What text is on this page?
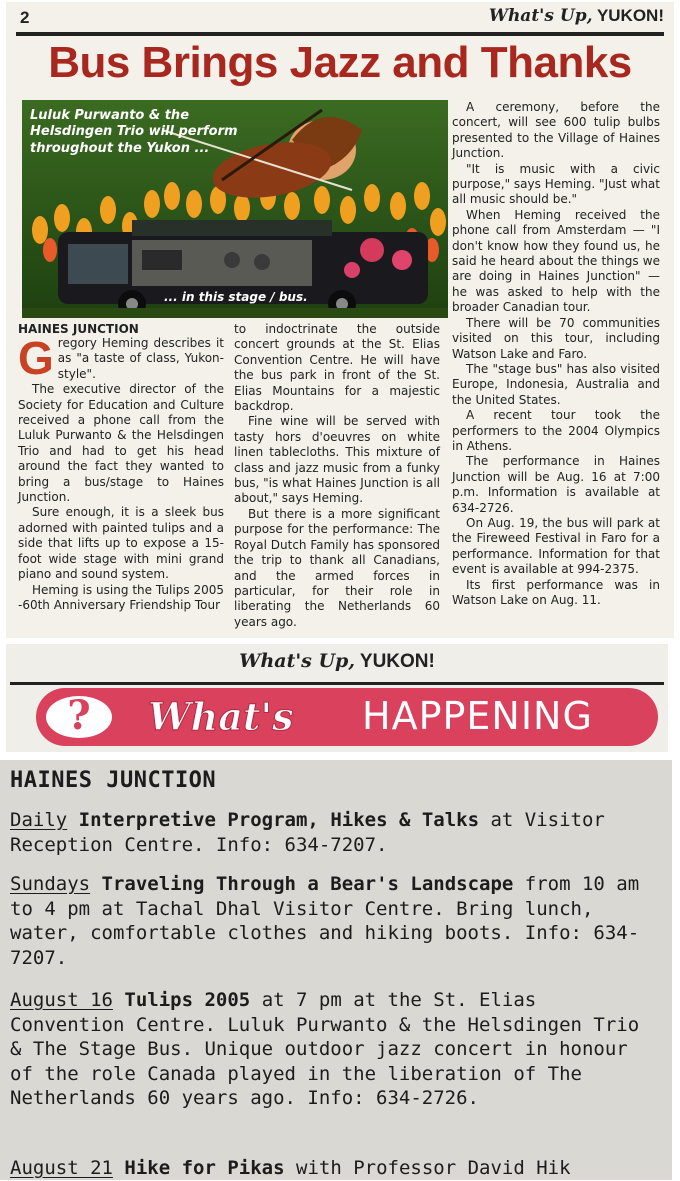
2	What's Up, YUKON!
Bus Brings Jazz and Thanks
Luluk Purwanto & the Helsdingen Trio will perform throughout the Yukon ...
... in this stage / bus.

HAINES JUNCTION

Gregory Heming describes it as "a taste of class, Yukon-style".

The executive director of the Society for Education and Culture received a phone call from the Luluk Purwanto & the Helsdingen Trio and had to get his head around the fact they wanted to bring a bus/stage to Haines Junction.

Sure enough, it is a sleek bus adorned with painted tulips and a side that lifts up to expose a 15-foot wide stage with mini grand piano and sound system.

Heming is using the Tulips 2005 -60th Anniversary Friendship Tour

to indoctrinate the outside concert grounds at the St. Elias Convention Centre. He will have the bus park in front of the St. Elias Mountains for a majestic backdrop.

Fine wine will be served with tasty hors d'oeuvres on white linen tablecloths. This mixture of class and jazz music from a funky bus, "is what Haines Junction is all about," says Heming.

But there is a more significant purpose for the performance: The Royal Dutch Family has sponsored the trip to thank all Canadians, and the armed forces in particular, for their role in liberating the Netherlands 60 years ago.

A ceremony, before the concert, will see 600 tulip bulbs presented to the Village of Haines Junction.

"It is music with a civic purpose," says Heming. "Just what all music should be."

When Heming received the phone call from Amsterdam — "I don't know how they found us, he said he heard about the things we are doing in Haines Junction" — he was asked to help with the broader Canadian tour.

There will be 70 communities visited on this tour, including Watson Lake and Faro.

The "stage bus" has also visited Europe, Indonesia, Australia and the United States.

A recent tour took the performers to the 2004 Olympics in Athens.

The performance in Haines Junction will be Aug. 16 at 7:00 p.m. Information is available at 634-2726.

On Aug. 19, the bus will park at the Fireweed Festival in Faro for a performance. Information for that event is available at 994-2375.

Its first performance was in Watson Lake on Aug. 11.

What's Up, YUKON!
?	What's HAPPENING
HAINES JUNCTION
Daily Interpretive Program, Hikes & Talks at Visitor Reception Centre. Info: 634-7207.
Sundays Traveling Through a Bear's Landscape from 10 am to 4 pm at Tachal Dhal Visitor Centre. Bring lunch, water, comfortable clothes and hiking boots. Info: 634-7207.
August 16 Tulips 2005 at 7 pm at the St. Elias Convention Centre. Luluk Purwanto & the Helsdingen Trio & The Stage Bus. Unique outdoor jazz concert in honour of the role Canada played in the liberation of The Netherlands 60 years ago. Info: 634-2726.
August 21 Hike for Pikas with Professor David Hik
